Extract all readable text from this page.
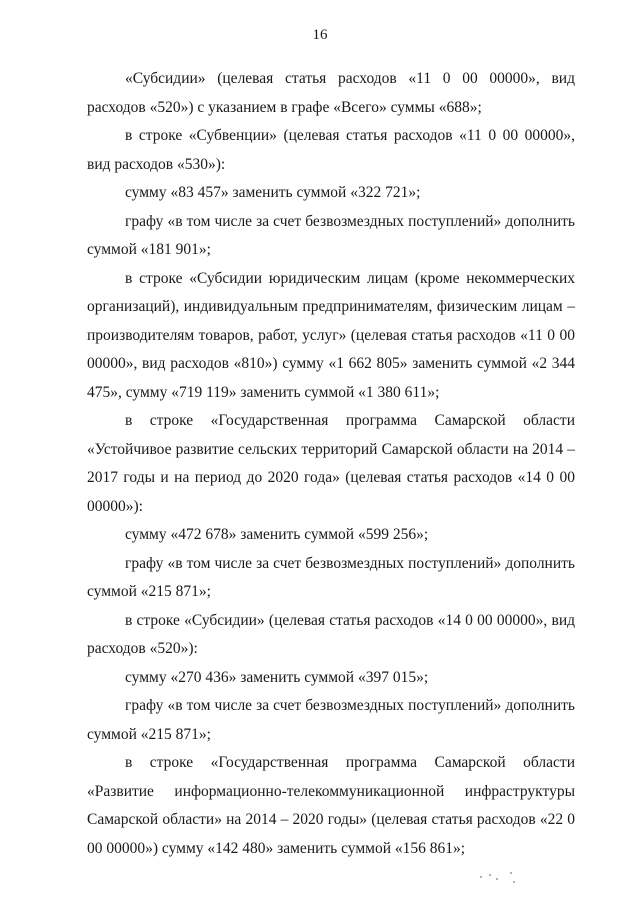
16

«Субсидии» (целевая статья расходов «11 0 00 00000», вид расходов «520») с указанием в графе «Всего» суммы «688»;

в строке «Субвенции» (целевая статья расходов «11 0 00 00000», вид расходов «530»):

сумму «83 457» заменить суммой «322 721»;

графу «в том числе за счет безвозмездных поступлений» дополнить суммой «181 901»;

в строке «Субсидии юридическим лицам (кроме некоммерческих организаций), индивидуальным предпринимателям, физическим лицам – производителям товаров, работ, услуг» (целевая статья расходов «11 0 00 00000», вид расходов «810») сумму «1 662 805» заменить суммой «2 344 475», сумму «719 119» заменить суммой «1 380 611»;

в строке «Государственная программа Самарской области «Устойчивое развитие сельских территорий Самарской области на 2014 – 2017 годы и на период до 2020 года» (целевая статья расходов «14 0 00 00000»):

сумму «472 678» заменить суммой «599 256»;

графу «в том числе за счет безвозмездных поступлений» дополнить суммой «215 871»;

в строке «Субсидии» (целевая статья расходов «14 0 00 00000», вид расходов «520»):

сумму «270 436» заменить суммой «397 015»;

графу «в том числе за счет безвозмездных поступлений» дополнить суммой «215 871»;

в строке «Государственная программа Самарской области «Развитие информационно-телекоммуникационной инфраструктуры Самарской области» на 2014 – 2020 годы» (целевая статья расходов «22 0 00 00000») сумму «142 480» заменить суммой «156 861»;
